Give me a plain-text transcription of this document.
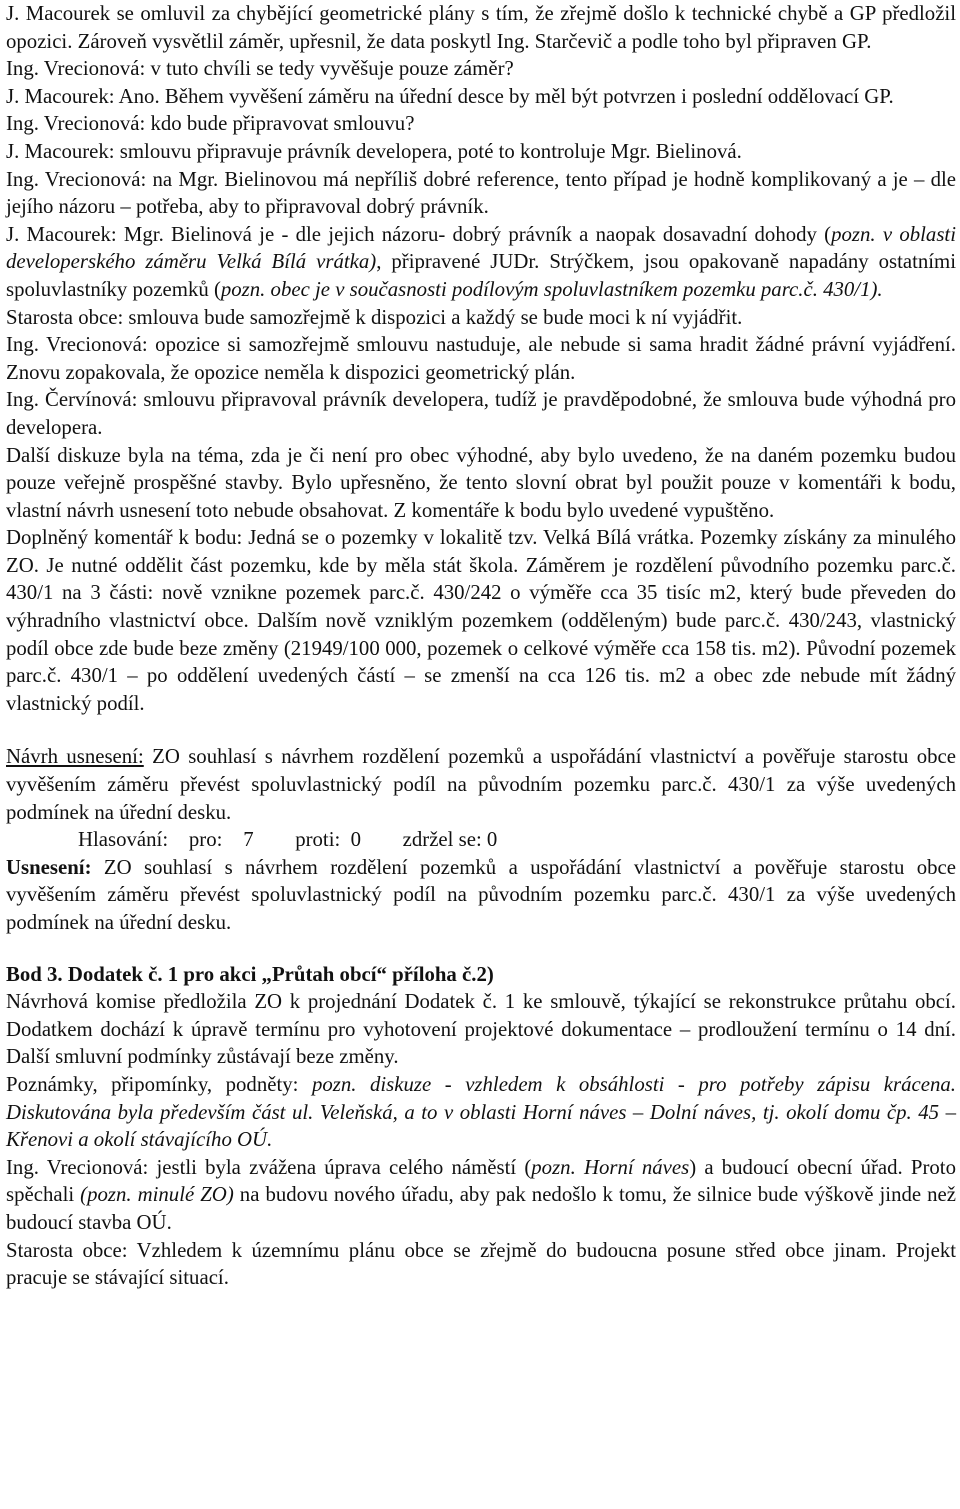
J. Macourek se omluvil za chybějící geometrické plány s tím, že zřejmě došlo k technické chybě a GP předložil opozici. Zároveň vysvětlil záměr, upřesnil, že data poskytl Ing. Starčevič a podle toho byl připraven GP.

Ing. Vrecionová: v tuto chvíli se tedy vyvěšuje pouze záměr?

J. Macourek: Ano. Během vyvěšení záměru na úřední desce by měl být potvrzen i poslední oddělovací GP.

Ing. Vrecionová: kdo bude připravovat smlouvu?

J. Macourek: smlouvu připravuje právník developera, poté to kontroluje Mgr. Bielinová.

Ing. Vrecionová: na Mgr. Bielinovou má nepříliš dobré reference, tento případ je hodně komplikovaný a je – dle jejího názoru – potřeba, aby to připravoval dobrý právník.

J. Macourek: Mgr. Bielinová je - dle jejich názoru- dobrý právník a naopak dosavadní dohody (pozn. v oblasti developerského záměru Velká Bílá vrátka), připravené JUDr. Strýčkem, jsou opakovaně napadány ostatními spoluvlastníky pozemků (pozn. obec je v současnosti podílovým spoluvlastníkem pozemku parc.č. 430/1).

Starosta obce: smlouva bude samozřejmě k dispozici a každý se bude moci k ní vyjádřit.

Ing. Vrecionová: opozice si samozřejmě smlouvu nastuduje, ale nebude si sama hradit žádné právní vyjádření. Znovu zopakovala, že opozice neměla k dispozici geometrický plán.

Ing. Červínová: smlouvu připravoval právník developera, tudíž je pravděpodobné, že smlouva bude výhodná pro developera.

Další diskuze byla na téma, zda je či není pro obec výhodné, aby bylo uvedeno, že na daném pozemku budou pouze veřejně prospěšné stavby. Bylo upřesněno, že tento slovní obrat byl použit pouze v komentáři k bodu, vlastní návrh usnesení toto nebude obsahovat. Z komentáře k bodu bylo uvedené vypuštěno.

Doplněný komentář k bodu: Jedná se o pozemky v lokalitě tzv. Velká Bílá vrátka. Pozemky získány za minulého ZO. Je nutné oddělit část pozemku, kde by měla stát škola. Záměrem je rozdělení původního pozemku parc.č. 430/1 na 3 části: nově vznikne pozemek parc.č. 430/242 o výměře cca 35 tisíc m2, který bude převeden do výhradního vlastnictví obce. Dalším nově vzniklým pozemkem (odděleným) bude parc.č. 430/243, vlastnický podíl obce zde bude beze změny (21949/100 000, pozemek o celkové výměře cca 158 tis. m2). Původní pozemek parc.č. 430/1 – po oddělení uvedených částí – se zmenší na cca 126 tis. m2 a obec zde nebude mít žádný vlastnický podíl.

Návrh usnesení: ZO souhlasí s návrhem rozdělení pozemků a uspořádání vlastnictví a pověřuje starostu obce vyvěšením záměru převést spoluvlastnický podíl na původním pozemku parc.č. 430/1 za výše uvedených podmínek na úřední desku.

Hlasování:    pro:    7        proti:  0        zdržel se: 0

Usnesení: ZO souhlasí s návrhem rozdělení pozemků a uspořádání vlastnictví a pověřuje starostu obce vyvěšením záměru převést spoluvlastnický podíl na původním pozemku parc.č. 430/1 za výše uvedených podmínek na úřední desku.

Bod 3. Dodatek č. 1 pro akci „Průtah obcí“ příloha č.2)

Návrhová komise předložila ZO k projednání Dodatek č. 1 ke smlouvě, týkající se rekonstrukce průtahu obcí. Dodatkem dochází k úpravě termínu pro vyhotovení projektové dokumentace – prodloužení termínu o 14 dní. Další smluvní podmínky zůstávají beze změny.

Poznámky, připomínky, podněty: pozn. diskuze - vzhledem k obsáhlosti - pro potřeby zápisu krácena. Diskutována byla především část ul. Veleňská, a to v oblasti Horní náves – Dolní náves, tj. okolí domu čp. 45 – Křenovi a okolí stávajícího OÚ.

Ing. Vrecionová: jestli byla zvážena úprava celého náměstí (pozn. Horní náves) a budoucí obecní úřad. Proto spěchali (pozn. minulé ZO) na budovu nového úřadu, aby pak nedošlo k tomu, že silnice bude výškově jinde než budoucí stavba OÚ.

Starosta obce: Vzhledem k územnímu plánu obce se zřejmě do budoucna posune střed obce jinam. Projekt pracuje se stávající situací.
